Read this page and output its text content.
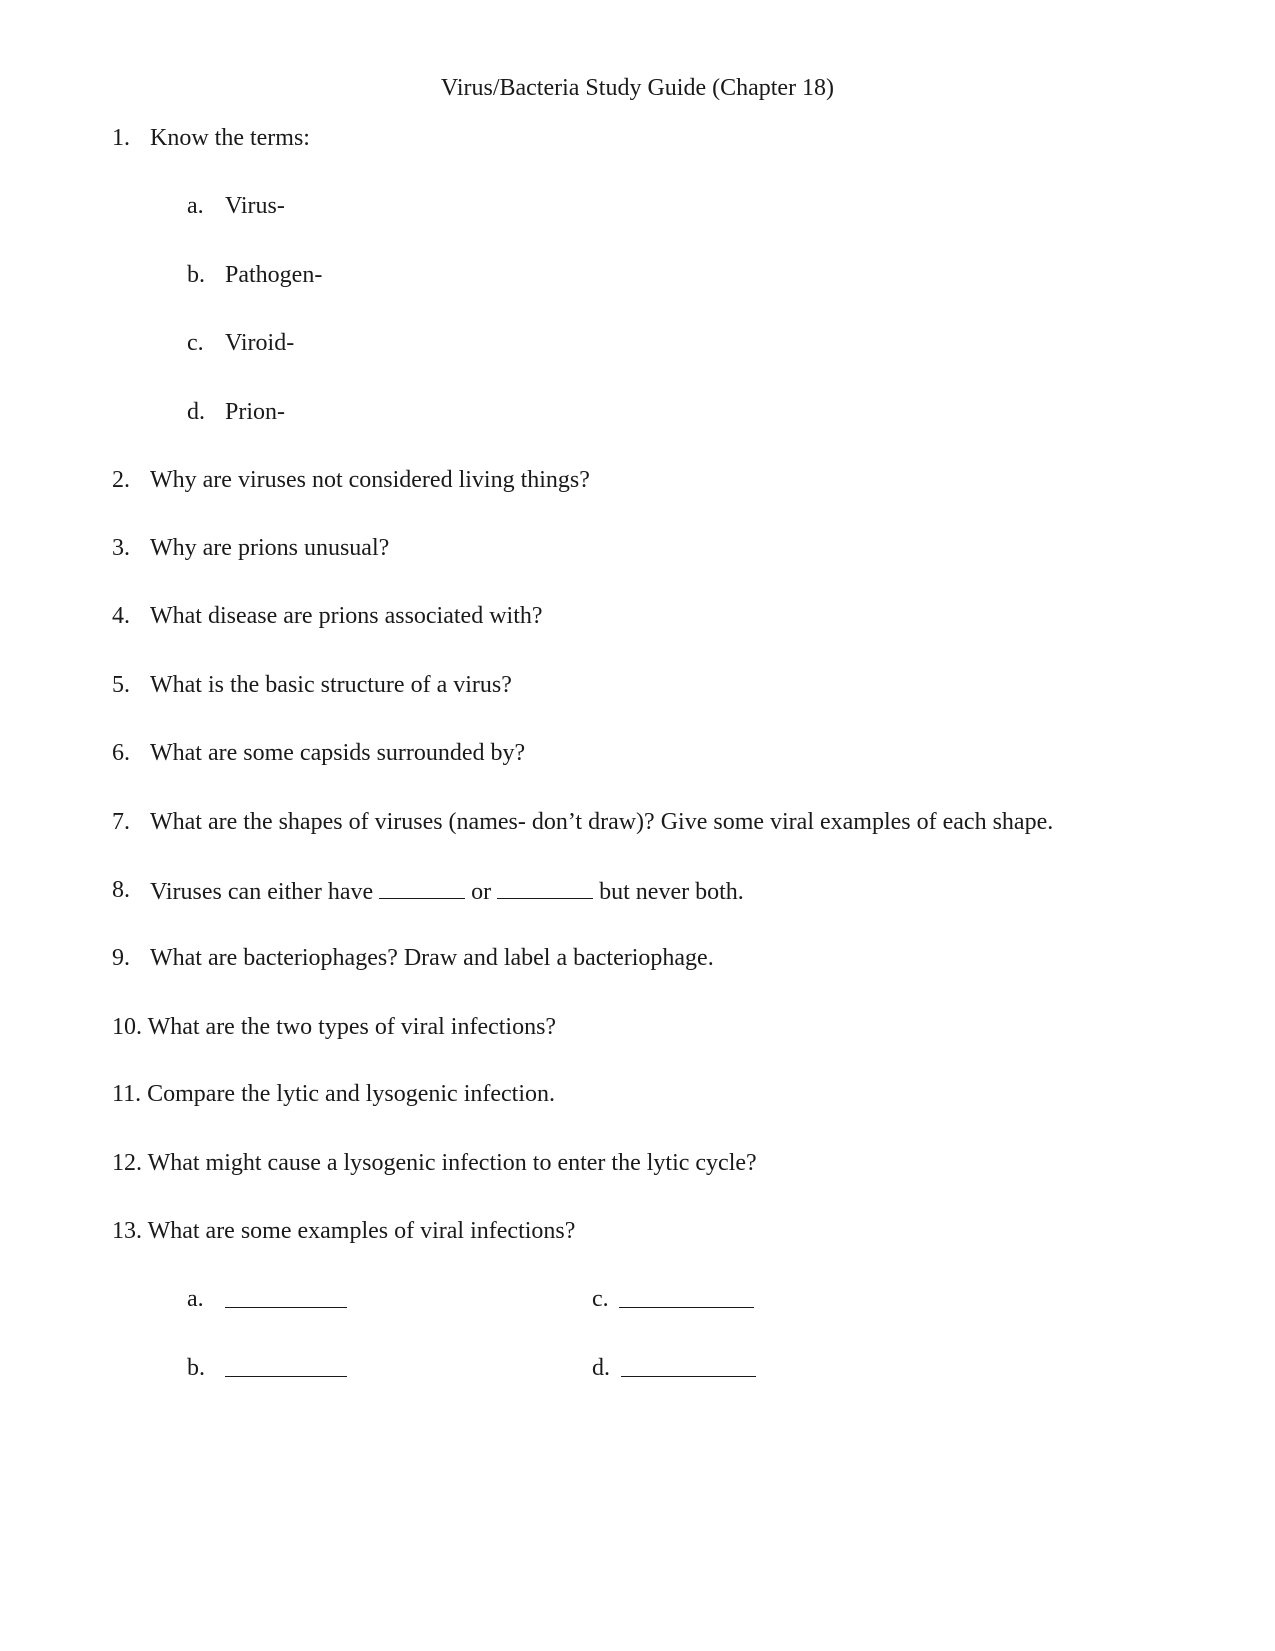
Virus/Bacteria Study Guide (Chapter 18)
1. Know the terms:
a. Virus-
b. Pathogen-
c. Viroid-
d. Prion-
2. Why are viruses not considered living things?
3. Why are prions unusual?
4. What disease are prions associated with?
5. What is the basic structure of a virus?
6. What are some capsids surrounded by?
7. What are the shapes of viruses (names- don’t draw)? Give some viral examples of each shape.
8. Viruses can either have	or	but never both.
9. What are bacteriophages? Draw and label a bacteriophage.
10. What are the two types of viral infections?
11. Compare the lytic and lysogenic infection.
12. What might cause a lysogenic infection to enter the lytic cycle?
13. What are some examples of viral infections?
a.	c.
b.	d.
